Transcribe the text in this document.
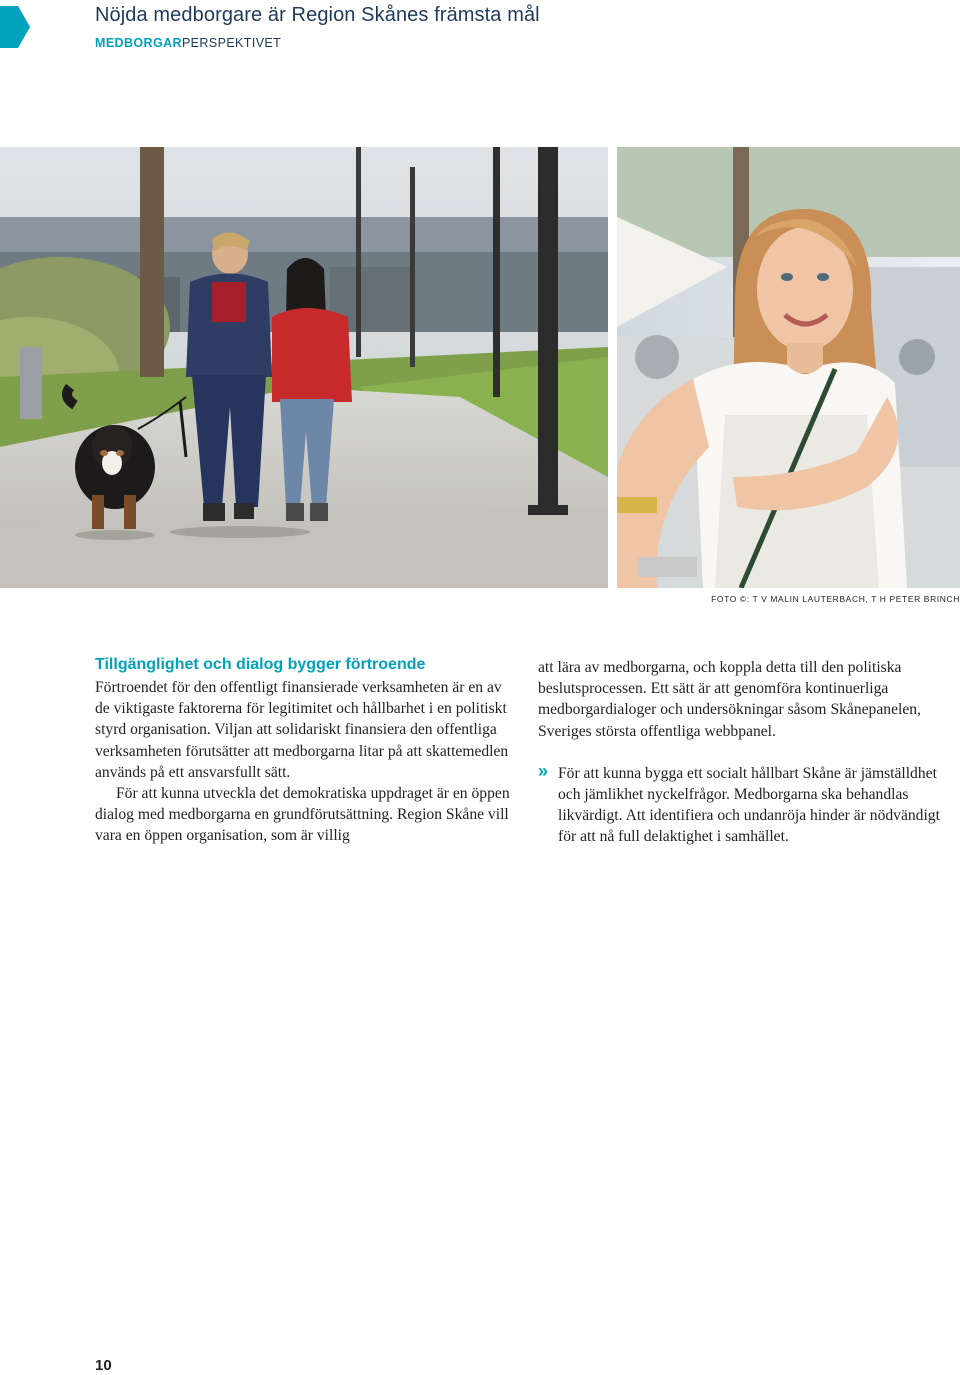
Nöjda medborgare är Region Skånes främsta mål
MEDBORGARPERSPEKTIVET
FOTO ©: T V MALIN LAUTERBACH, T H PETER BRINCH
Tillgänglighet och dialog bygger förtroende

Förtroendet för den offentligt finansierade verksamheten är en av de viktigaste faktorerna för legitimitet och hållbarhet i en politiskt styrd organisation. Viljan att solidariskt finansiera den offentliga verksamheten förutsätter att medborgarna litar på att skattemedlen används på ett ansvarsfullt sätt.

För att kunna utveckla det demokratiska uppdraget är en öppen dialog med medborgarna en grundförutsättning. Region Skåne vill vara en öppen organisation, som är villig

att lära av medborgarna, och koppla detta till den politiska beslutsprocessen. Ett sätt är att genomföra kontinuerliga medborgardialoger och undersökningar såsom Skånepanelen, Sveriges största offentliga webbpanel.

» För att kunna bygga ett socialt hållbart Skåne är jämställdhet och jämlikhet nyckelfrågor. Medborgarna ska behandlas likvärdigt. Att identifiera och undanröja hinder är nödvändigt för att nå full delaktighet i samhället.

10
